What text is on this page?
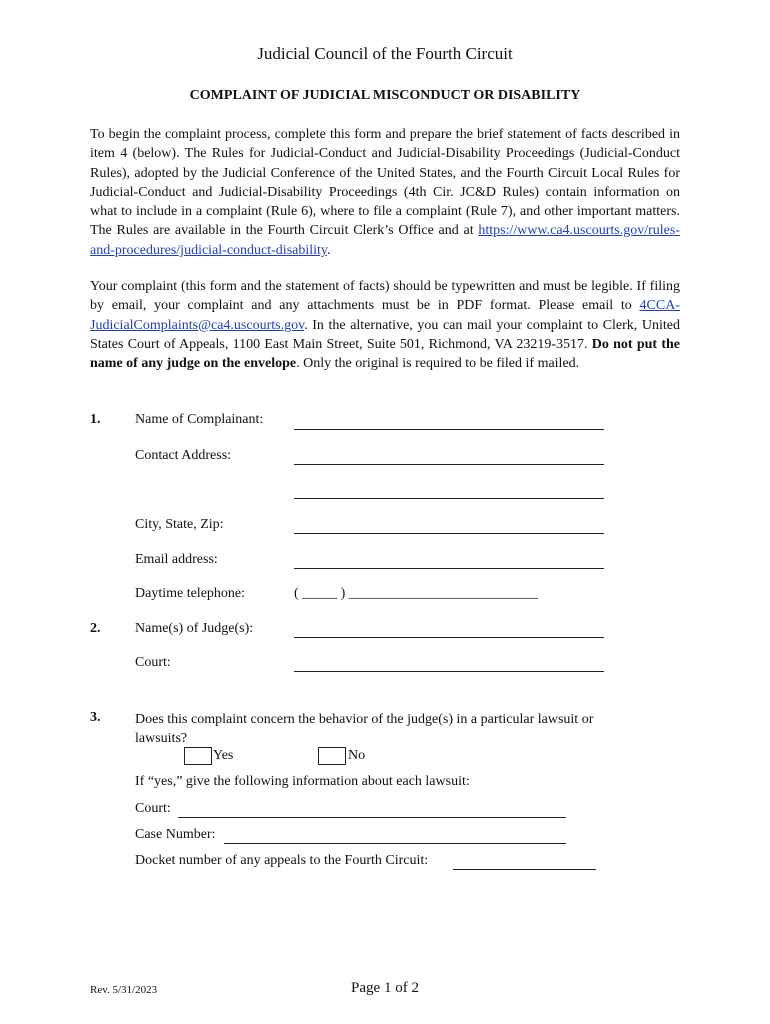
Judicial Council of the Fourth Circuit
COMPLAINT OF JUDICIAL MISCONDUCT OR DISABILITY
To begin the complaint process, complete this form and prepare the brief statement of facts described in item 4 (below). The Rules for Judicial-Conduct and Judicial-Disability Proceedings (Judicial-Conduct Rules), adopted by the Judicial Conference of the United States, and the Fourth Circuit Local Rules for Judicial-Conduct and Judicial-Disability Proceedings (4th Cir. JC&D Rules) contain information on what to include in a complaint (Rule 6), where to file a complaint (Rule 7), and other important matters. The Rules are available in the Fourth Circuit Clerk’s Office and at https://www.ca4.uscourts.gov/rules-and-procedures/judicial-conduct-disability.
Your complaint (this form and the statement of facts) should be typewritten and must be legible. If filing by email, your complaint and any attachments must be in PDF format. Please email to 4CCA-JudicialComplaints@ca4.uscourts.gov. In the alternative, you can mail your complaint to Clerk, United States Court of Appeals, 1100 East Main Street, Suite 501, Richmond, VA 23219-3517. Do not put the name of any judge on the envelope. Only the original is required to be filed if mailed.
1. Name of Complainant:
Contact Address:
City, State, Zip:
Email address:
Daytime telephone:	( _____ ) ___________________________
2. Name(s) of Judge(s):
Court:
3. Does this complaint concern the behavior of the judge(s) in a particular lawsuit or lawsuits?
Yes	No
If “yes,” give the following information about each lawsuit:
Court:
Case Number:
Docket number of any appeals to the Fourth Circuit:
Rev. 5/31/2023	Page 1 of 2
